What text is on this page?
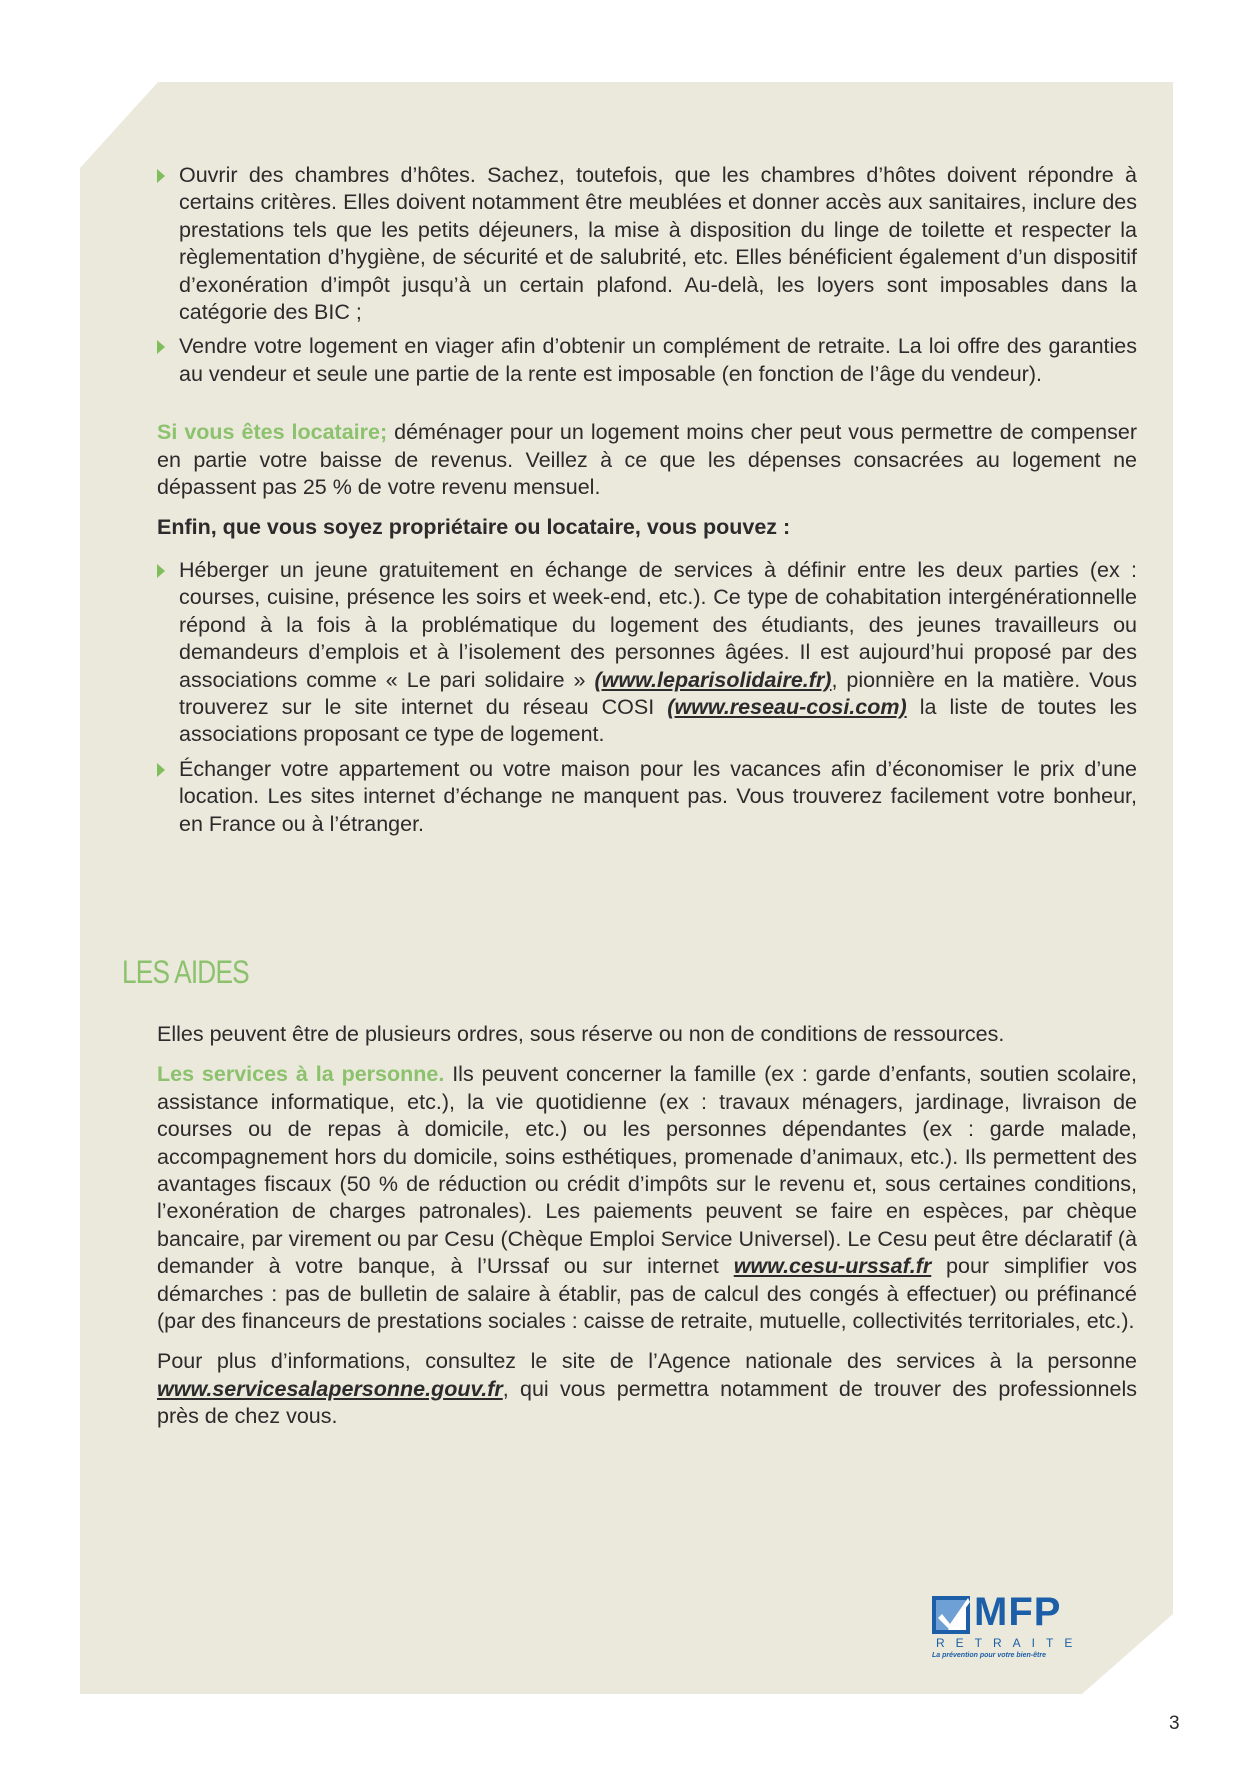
Ouvrir des chambres d’hôtes. Sachez, toutefois, que les chambres d’hôtes doivent répondre à certains critères. Elles doivent notamment être meublées et donner accès aux sanitaires, inclure des prestations tels que les petits déjeuners, la mise à disposition du linge de toilette et respecter la règlementation d’hygiène, de sécurité et de salubrité, etc. Elles bénéficient également d’un dispositif d’exonération d’impôt jusqu’à un certain plafond. Au-delà, les loyers sont imposables dans la catégorie des BIC ;
Vendre votre logement en viager afin d’obtenir un complément de retraite. La loi offre des garanties au vendeur et seule une partie de la rente est imposable (en fonction de l’âge du vendeur).

Si vous êtes locataire; déménager pour un logement moins cher peut vous permettre de compenser en partie votre baisse de revenus. Veillez à ce que les dépenses consacrées au logement ne dépassent pas 25 % de votre revenu mensuel.

Enfin, que vous soyez propriétaire ou locataire, vous pouvez :

Héberger un jeune gratuitement en échange de services à définir entre les deux parties (ex : courses, cuisine, présence les soirs et week-end, etc.). Ce type de cohabitation intergénérationnelle répond à la fois à la problématique du logement des étudiants, des jeunes travailleurs ou demandeurs d’emplois et à l’isolement des personnes âgées. Il est aujourd’hui proposé par des associations comme « Le pari solidaire » (www.leparisolidaire.fr), pionnière en la matière. Vous trouverez sur le site internet du réseau COSI (www.reseau-cosi.com) la liste de toutes les associations proposant ce type de logement.
Échanger votre appartement ou votre maison pour les vacances afin d’économiser le prix d’une location. Les sites internet d’échange ne manquent pas. Vous trouverez facilement votre bonheur, en France ou à l’étranger.
LES AIDES

Elles peuvent être de plusieurs ordres, sous réserve ou non de conditions de ressources.

Les services à la personne. Ils peuvent concerner la famille (ex : garde d’enfants, soutien scolaire, assistance informatique, etc.), la vie quotidienne (ex : travaux ménagers, jardinage, livraison de courses ou de repas à domicile, etc.) ou les personnes dépendantes (ex : garde malade, accompagnement hors du domicile, soins esthétiques, promenade d’animaux, etc.). Ils permettent des avantages fiscaux (50 % de réduction ou crédit d’impôts sur le revenu et, sous certaines conditions, l’exonération de charges patronales). Les paiements peuvent se faire en espèces, par chèque bancaire, par virement ou par Cesu (Chèque Emploi Service Universel). Le Cesu peut être déclaratif (à demander à votre banque, à l’Urssaf ou sur internet www.cesu-urssaf.fr pour simplifier vos démarches : pas de bulletin de salaire à établir, pas de calcul des congés à effectuer) ou préfinancé (par des financeurs de prestations sociales : caisse de retraite, mutuelle, collectivités territoriales, etc.).

Pour plus d’informations, consultez le site de l’Agence nationale des services à la personne www.servicesalapersonne.gouv.fr, qui vous permettra notamment de trouver des professionnels près de chez vous.

MFP
RETRAITE
La prévention pour votre bien-être
3
